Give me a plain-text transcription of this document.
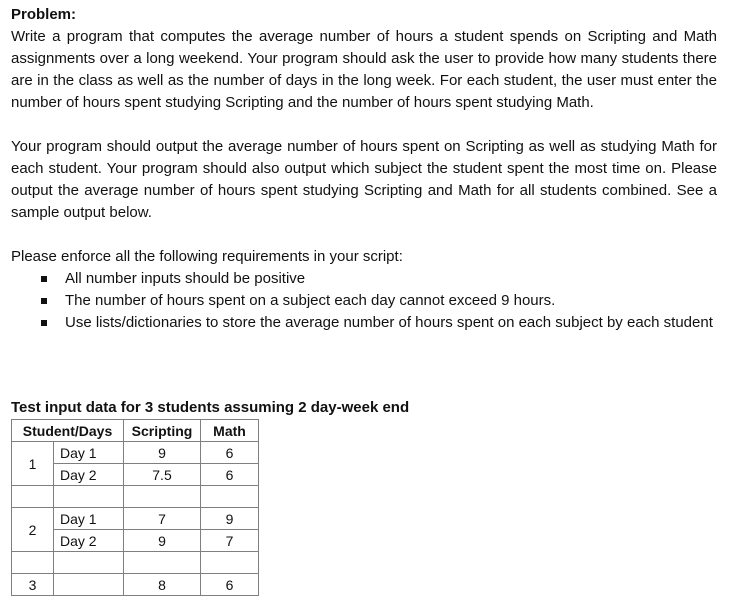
Problem:

Write a program that computes the average number of hours a student spends on Scripting and Math assignments over a long weekend. Your program should ask the user to provide how many students there are in the class as well as the number of days in the long week. For each student, the user must enter the number of hours spent studying Scripting and the number of hours spent studying Math.

Your program should output the average number of hours spent on Scripting as well as studying Math for each student. Your program should also output which subject the student spent the most time on. Please output the average number of hours spent studying Scripting and Math for all students combined. See a sample output below.

Please enforce all the following requirements in your script:

All number inputs should be positive
The number of hours spent on a subject each day cannot exceed 9 hours.
Use lists/dictionaries to store the average number of hours spent on each subject by each student
Test input data for 3 students assuming 2 day-week end
Student/Days		Scripting	Math
1	Day 1	9	6
	Day 2	7.5	6

2	Day 1	7	9
	Day 2	9	7

3		8	6
